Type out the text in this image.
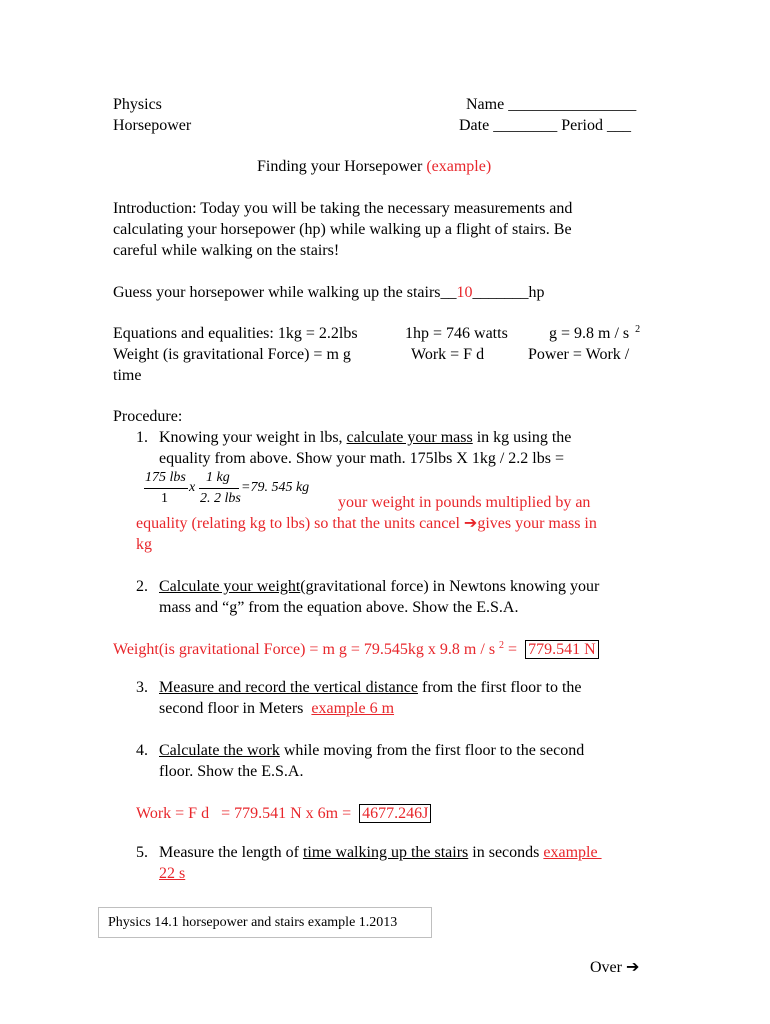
Physics
Horsepower
Name ________________
Date ________ Period ___
Finding your Horsepower (example)
Introduction: Today you will be taking the necessary measurements and
calculating your horsepower (hp) while walking up a flight of stairs. Be
careful while walking on the stairs!
Guess your horsepower while walking up the stairs__10_______hp
Equations and equalities: 1kg = 2.2lbs	1hp = 746 watts	g = 9.8 m / s $^2$
Weight (is gravitational Force) = m g	Work = F d	Power = Work /
time
Procedure:
1. Knowing your weight in lbs, calculate your mass in kg using the
equality from above. Show your math. 175lbs X 1kg / 2.2 lbs =
175 lbs
1
x
1 kg
2. 2 lbs
=79. 545 kg
your weight in pounds multiplied by an
equality (relating kg to lbs) so that the units cancel ➔gives your mass in
kg
2. Calculate your weight(gravitational force) in Newtons knowing your
mass and “g” from the equation above. Show the E.S.A.
Weight(is gravitational Force) = m g = 79.545kg x 9.8 m / s $^2$ = 779.541 N
3. Measure and record the vertical distance from the first floor to the
second floor in Meters  example 6 m
4. Calculate the work while moving from the first floor to the second
floor. Show the E.S.A.
Work = F d   = 779.541 N x 6m = 4677.246J
5. Measure the length of time walking up the stairs in seconds example
22 s
Physics 14.1 horsepower and stairs example 1.2013
Over ➔
